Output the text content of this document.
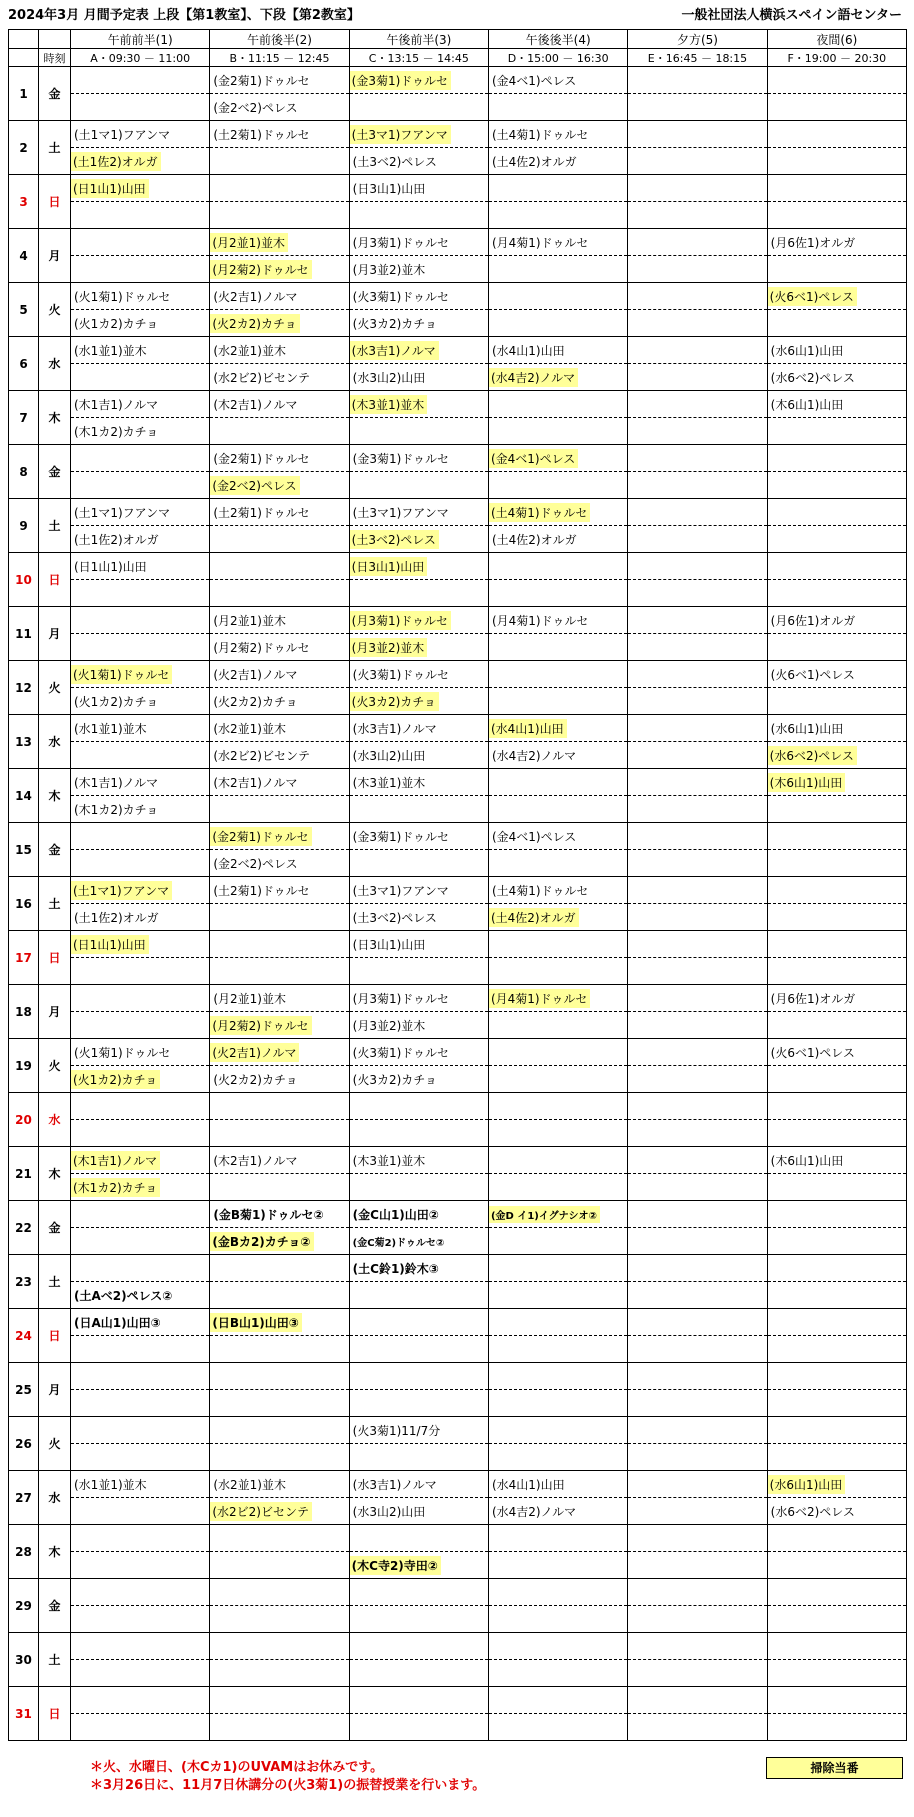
2024年3月 月間予定表 上段【第1教室】、下段【第2教室】	一般社団法人横浜スペイン語センター
		午前前半(1)	午前後半(2)	午後前半(3)	午後後半(4)	夕方(5)	夜間(6)
	時刻	A・09:30 － 11:00	B・11:15 － 12:45	C・13:15 － 14:45	D・15:00 － 16:30	E・16:45 － 18:15	F・19:00 － 20:30
1	金		(金2菊1)ドゥルセ	(金3菊1)ドゥルセ	(金4ベ1)ペレス		
			(金2ベ2)ペレス				
2	土	(土1マ1)フアンマ	(土2菊1)ドゥルセ	(土3マ1)フアンマ	(土4菊1)ドゥルセ		
		(土1佐2)オルガ		(土3ベ2)ペレス	(土4佐2)オルガ		
3	日	(日1山1)山田		(日3山1)山田			

4	月		(月2並1)並木	(月3菊1)ドゥルセ	(月4菊1)ドゥルセ		(月6佐1)オルガ
			(月2菊2)ドゥルセ	(月3並2)並木			
5	火	(火1菊1)ドゥルセ	(火2吉1)ノルマ	(火3菊1)ドゥルセ			(火6ベ1)ペレス
		(火1カ2)カチョ	(火2カ2)カチョ	(火3カ2)カチョ			
6	水	(水1並1)並木	(水2並1)並木	(水3吉1)ノルマ	(水4山1)山田		(水6山1)山田
			(水2ビ2)ビセンテ	(水3山2)山田	(水4吉2)ノルマ		(水6ベ2)ペレス
7	木	(木1吉1)ノルマ	(木2吉1)ノルマ	(木3並1)並木			(木6山1)山田
		(木1カ2)カチョ					
8	金		(金2菊1)ドゥルセ	(金3菊1)ドゥルセ	(金4ベ1)ペレス		
			(金2ベ2)ペレス				
9	土	(土1マ1)フアンマ	(土2菊1)ドゥルセ	(土3マ1)フアンマ	(土4菊1)ドゥルセ		
		(土1佐2)オルガ		(土3ベ2)ペレス	(土4佐2)オルガ		
10	日	(日1山1)山田		(日3山1)山田			

11	月		(月2並1)並木	(月3菊1)ドゥルセ	(月4菊1)ドゥルセ		(月6佐1)オルガ
			(月2菊2)ドゥルセ	(月3並2)並木			
12	火	(火1菊1)ドゥルセ	(火2吉1)ノルマ	(火3菊1)ドゥルセ			(火6ベ1)ペレス
		(火1カ2)カチョ	(火2カ2)カチョ	(火3カ2)カチョ			
13	水	(水1並1)並木	(水2並1)並木	(水3吉1)ノルマ	(水4山1)山田		(水6山1)山田
			(水2ビ2)ビセンテ	(水3山2)山田	(水4吉2)ノルマ		(水6ベ2)ペレス
14	木	(木1吉1)ノルマ	(木2吉1)ノルマ	(木3並1)並木			(木6山1)山田
		(木1カ2)カチョ					
15	金		(金2菊1)ドゥルセ	(金3菊1)ドゥルセ	(金4ベ1)ペレス		
			(金2ベ2)ペレス				
16	土	(土1マ1)フアンマ	(土2菊1)ドゥルセ	(土3マ1)フアンマ	(土4菊1)ドゥルセ		
		(土1佐2)オルガ		(土3ベ2)ペレス	(土4佐2)オルガ		
17	日	(日1山1)山田		(日3山1)山田			

18	月		(月2並1)並木	(月3菊1)ドゥルセ	(月4菊1)ドゥルセ		(月6佐1)オルガ
			(月2菊2)ドゥルセ	(月3並2)並木			
19	火	(火1菊1)ドゥルセ	(火2吉1)ノルマ	(火3菊1)ドゥルセ			(火6ベ1)ペレス
		(火1カ2)カチョ	(火2カ2)カチョ	(火3カ2)カチョ			
20	水						

21	木	(木1吉1)ノルマ	(木2吉1)ノルマ	(木3並1)並木			(木6山1)山田
		(木1カ2)カチョ					
22	金		(金B菊1)ドゥルセ②	(金C山1)山田②	(金D イ1)イグナシオ②		
			(金Bカ2)カチョ②	(金C菊2)ドゥルセ②			
23	土			(土C鈴1)鈴木③			
		(土Aベ2)ペレス②					
24	日	(日A山1)山田③	(日B山1)山田③				

25	月						

26	火			(火3菊1)11/7分			

27	水	(水1並1)並木	(水2並1)並木	(水3吉1)ノルマ	(水4山1)山田		(水6山1)山田
			(水2ビ2)ビセンテ	(水3山2)山田	(水4吉2)ノルマ		(水6ベ2)ペレス
28	木						
				(木C寺2)寺田②			
29	金						

30	土						

31	日						

＊火、水曜日、(木Cカ1)のUVAMはお休みです。
＊3月26日に、11月7日休講分の(火3菊1)の振替授業を行います。
掃除当番
